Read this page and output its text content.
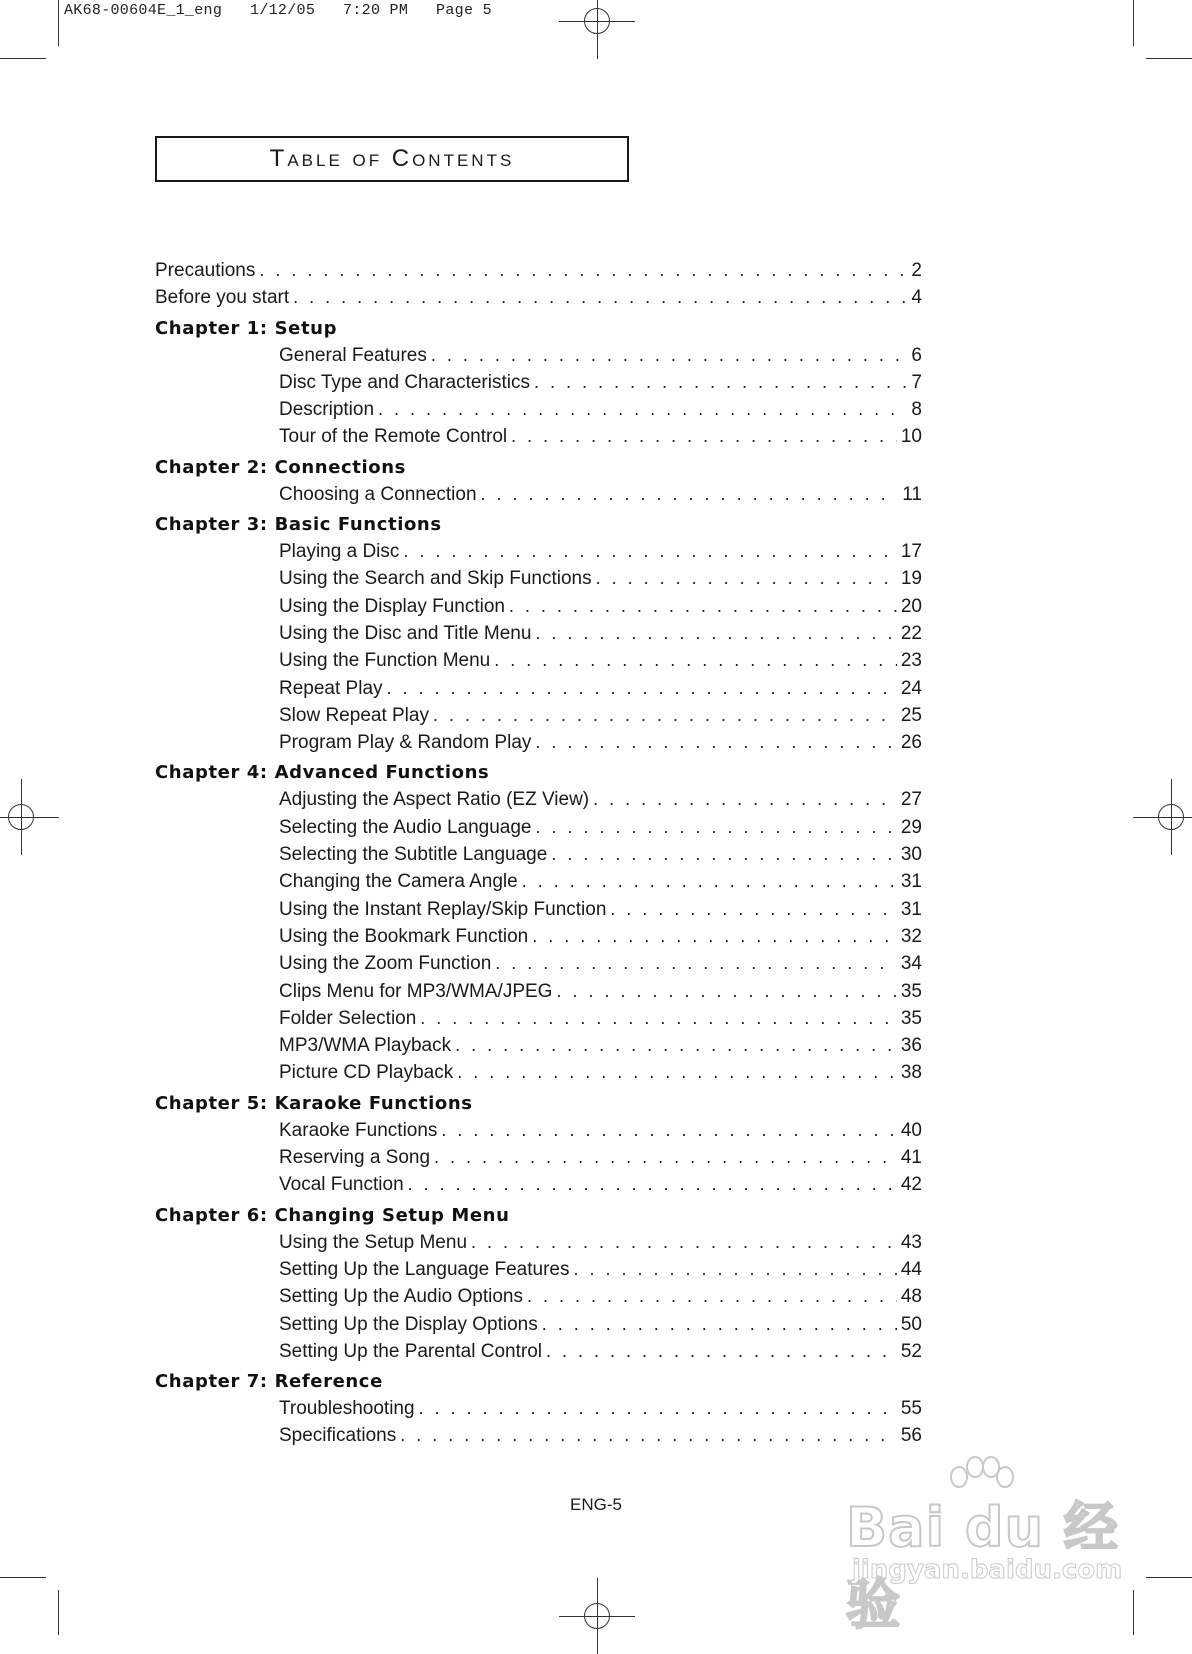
AK68-00604E_1_eng   1/12/05   7:20 PM   Page 5
Table of Contents
Precautions . . .	2
Before you start . . .	4
Chapter 1: Setup
General Features . . .	6
Disc Type and Characteristics . . .	7
Description . . .	8
Tour of the Remote Control . . .	10
Chapter 2: Connections
Choosing a Connection . . .	11
Chapter 3: Basic Functions
Playing a Disc . . .	17
Using the Search and Skip Functions . . .	19
Using the Display Function . . .	20
Using the Disc and Title Menu . . .	22
Using the Function Menu . . .	23
Repeat Play . . .	24
Slow Repeat Play . . .	25
Program Play & Random Play . . .	26
Chapter 4: Advanced Functions
Adjusting the Aspect Ratio (EZ View) . . .	27
Selecting the Audio Language . . .	29
Selecting the Subtitle Language . . .	30
Changing the Camera Angle . . .	31
Using the Instant Replay/Skip Function . . .	31
Using the Bookmark Function . . .	32
Using the Zoom Function . . .	34
Clips Menu for MP3/WMA/JPEG . . .	35
Folder Selection . . .	35
MP3/WMA Playback . . .	36
Picture CD Playback . . .	38
Chapter 5: Karaoke Functions
Karaoke Functions . . .	40
Reserving a Song . . .	41
Vocal Function . . .	42
Chapter 6: Changing Setup Menu
Using the Setup Menu . . .	43
Setting Up the Language Features . . .	44
Setting Up the Audio Options . . .	48
Setting Up the Display Options . . .	50
Setting Up the Parental Control . . .	52
Chapter 7: Reference
Troubleshooting . . .	55
Specifications . . .	56
ENG-5	Bai du 经验
jingyan.baidu.com
